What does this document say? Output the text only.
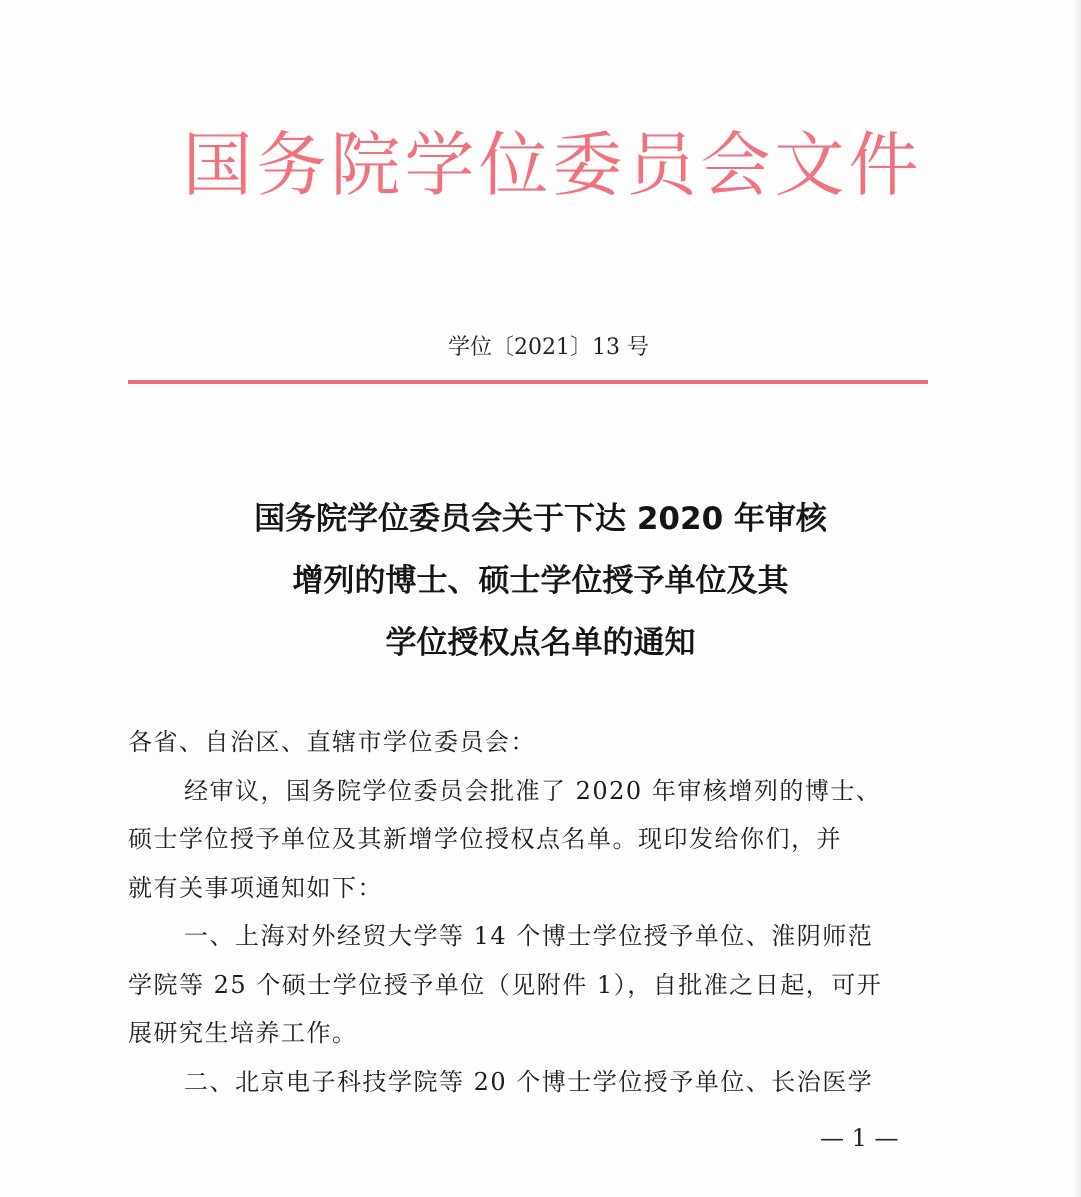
国务院学位委员会文件
学位〔2021〕13 号
国务院学位委员会关于下达 2020 年审核
增列的博士、硕士学位授予单位及其
学位授权点名单的通知
各省、自治区、直辖市学位委员会：
经审议，国务院学位委员会批准了 2020 年审核增列的博士、
硕士学位授予单位及其新增学位授权点名单。现印发给你们，并
就有关事项通知如下：
一、上海对外经贸大学等 14 个博士学位授予单位、淮阴师范
学院等 25 个硕士学位授予单位（见附件 1），自批准之日起，可开
展研究生培养工作。
二、北京电子科技学院等 20 个博士学位授予单位、长治医学
— 1 —
